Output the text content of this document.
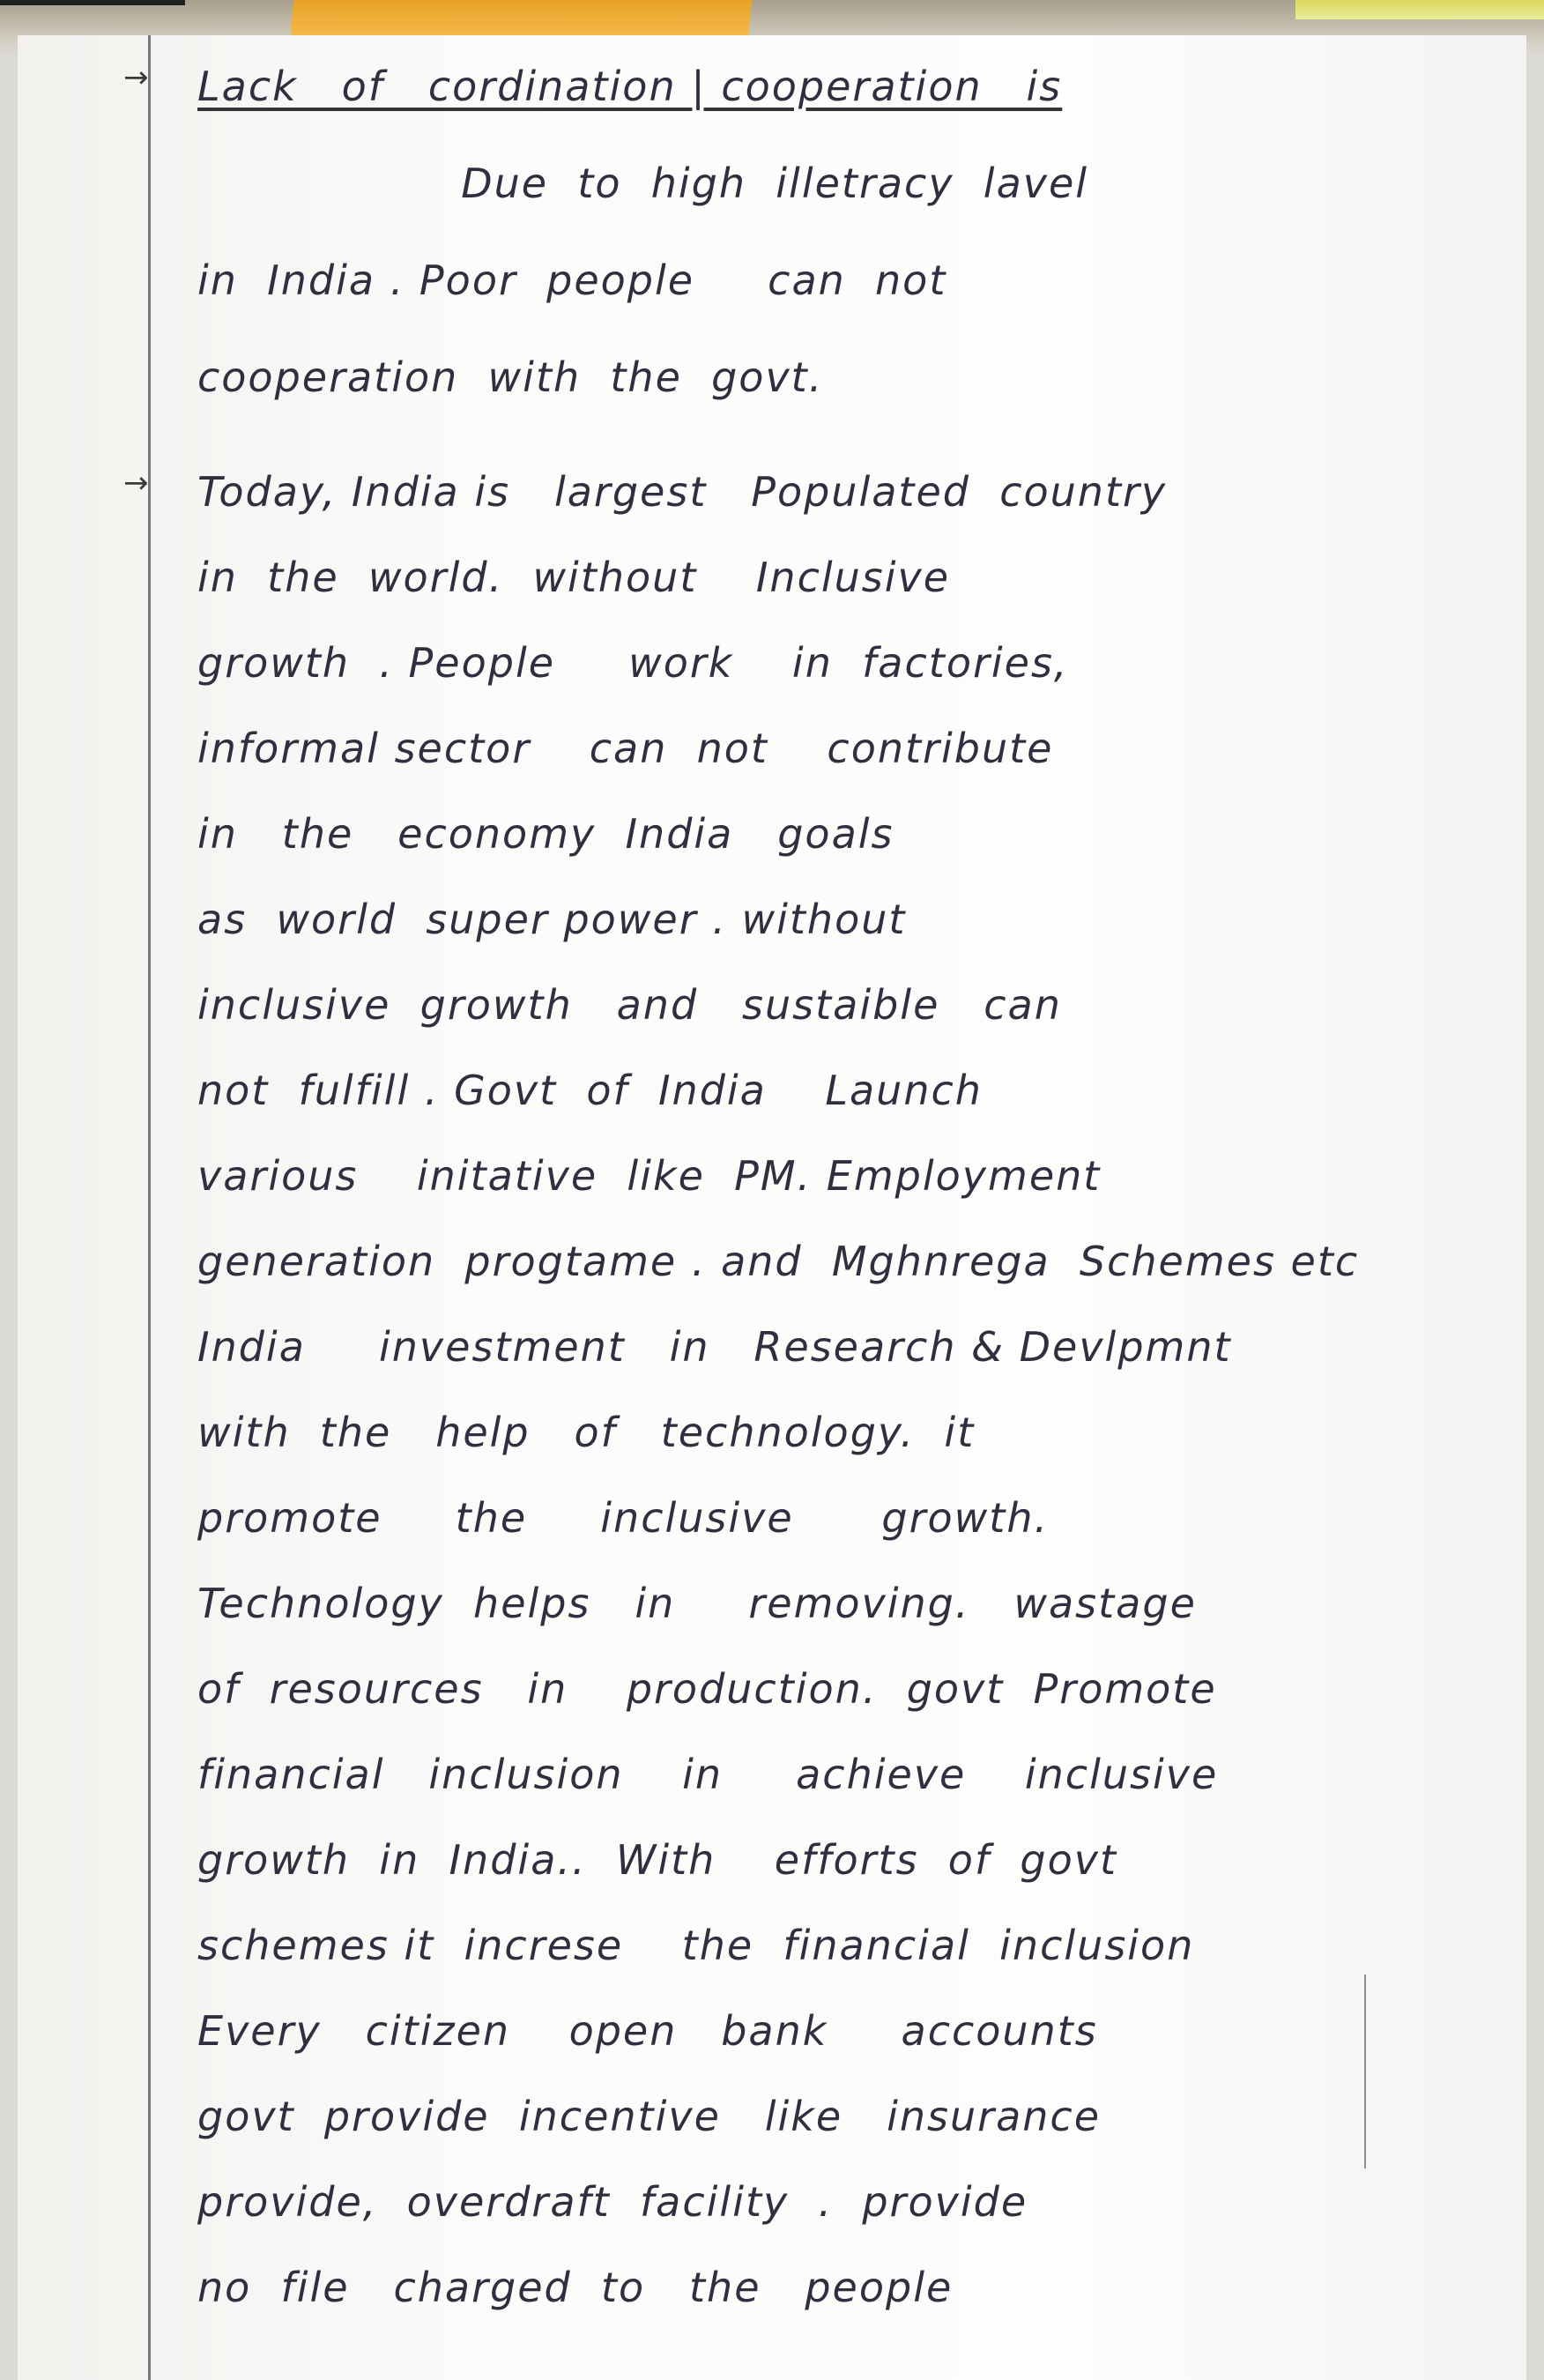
→
→
Lack   of   cordination | cooperation   is
Due  to  high  illetracy  lavel
in  India . Poor  people     can  not
cooperation  with  the  govt.
Today, India is   largest   Populated  country
in  the  world.  without    Inclusive
growth  . People     work    in  factories,
informal sector    can  not    contribute
in   the   economy  India   goals
as  world  super power . without
inclusive  growth   and   sustaible   can
not  fulfill . Govt  of  India    Launch
various    initative  like  PM. Employment
generation  progtame . and  Mghnrega  Schemes etc
India     investment   in   Research & Devlpmnt
with  the   help   of   technology.  it
promote     the     inclusive      growth.
Technology  helps   in     removing.   wastage
of  resources   in    production.  govt  Promote
financial   inclusion    in     achieve    inclusive
growth  in  India..  With    efforts  of  govt
schemes it  increse    the  financial  inclusion
Every   citizen    open   bank     accounts
govt  provide  incentive   like   insurance
provide,  overdraft  facility  .  provide
no  file   charged  to   the   people
